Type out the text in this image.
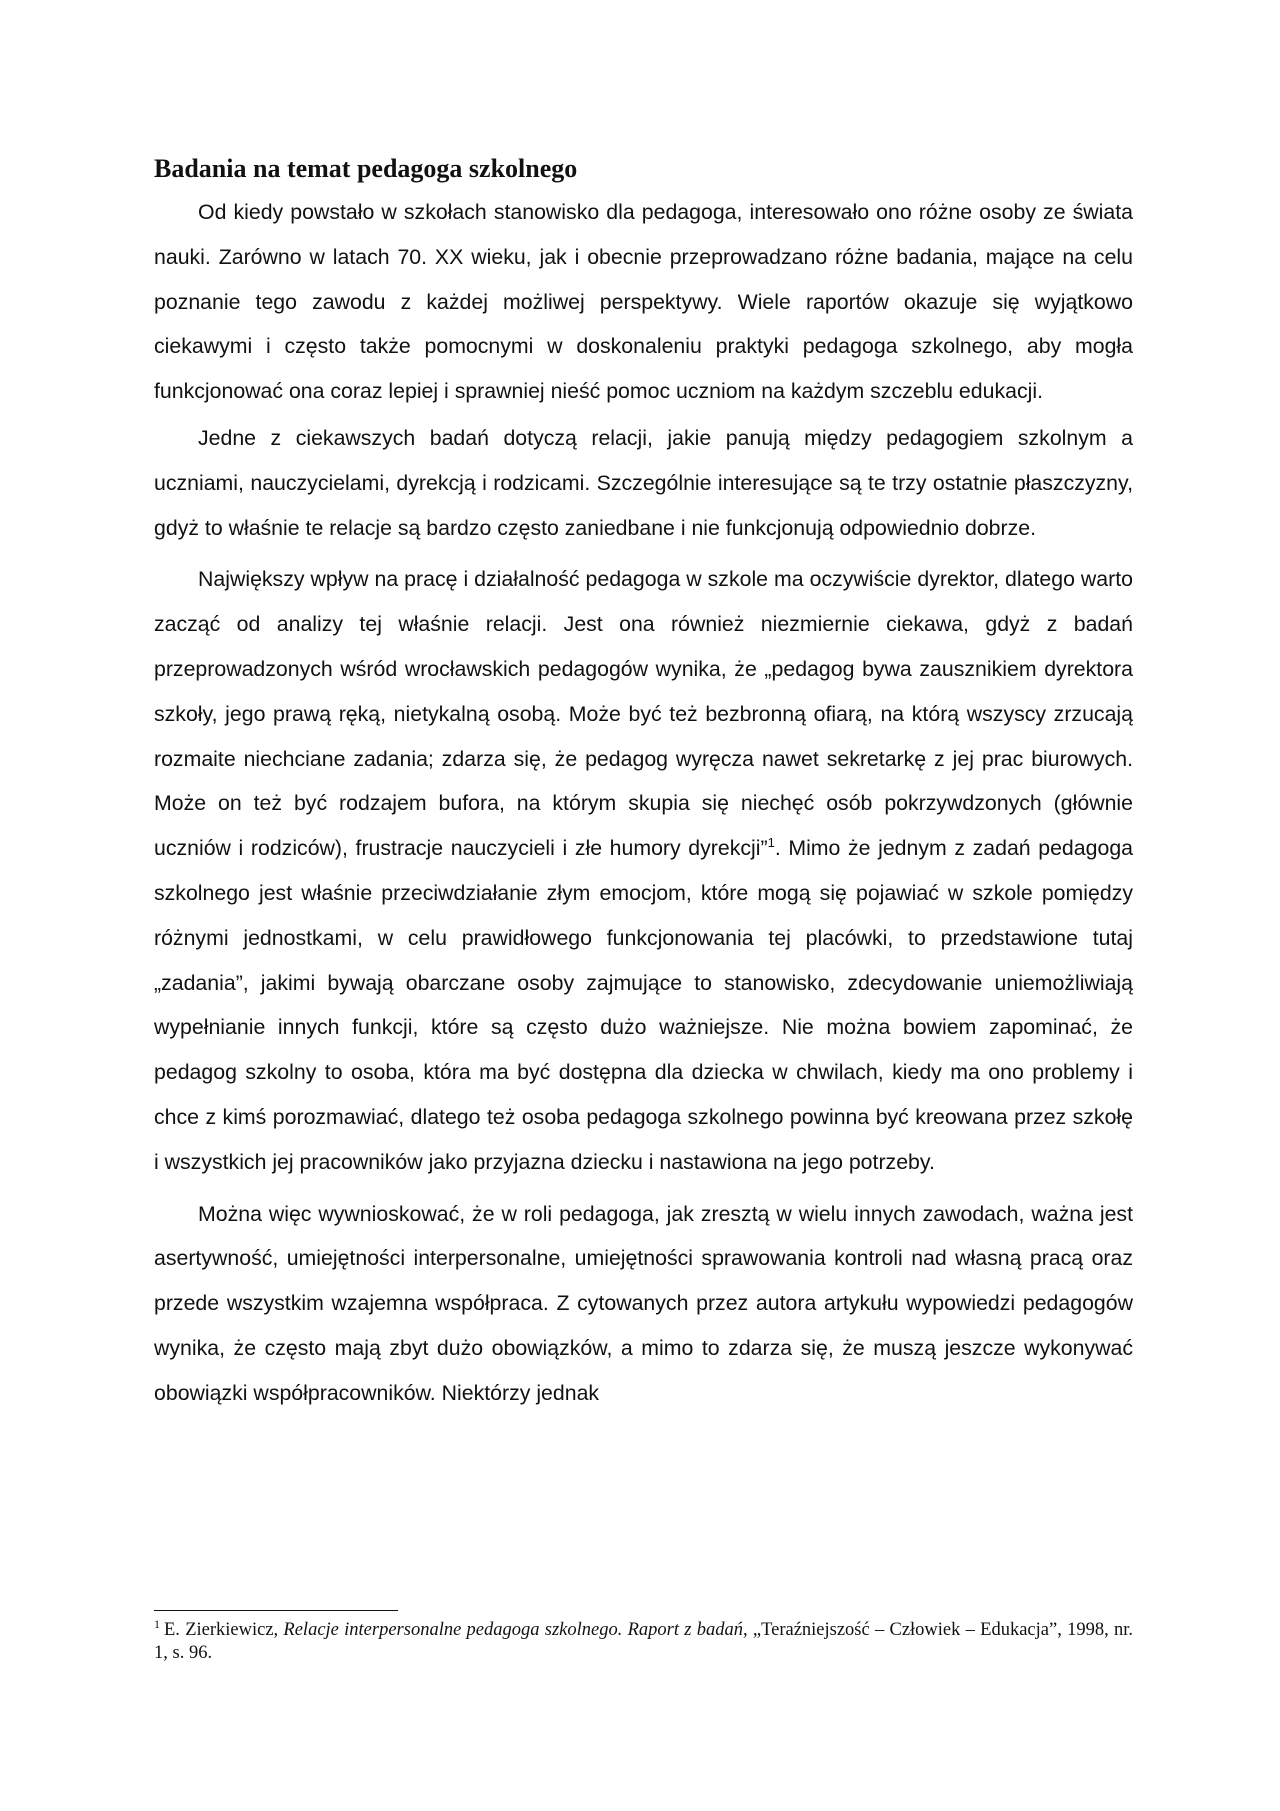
Badania na temat pedagoga szkolnego

Od kiedy powstało w szkołach stanowisko dla pedagoga, interesowało ono różne osoby ze świata nauki. Zarówno w latach 70. XX wieku, jak i obecnie przeprowadzano różne badania, mające na celu poznanie tego zawodu z każdej możliwej perspektywy. Wiele raportów okazuje się wyjątkowo ciekawymi i często także pomocnymi w doskonaleniu praktyki pedagoga szkolnego, aby mogła funkcjonować ona coraz lepiej i sprawniej nieść pomoc uczniom na każdym szczeblu edukacji.

Jedne z ciekawszych badań dotyczą relacji, jakie panują między pedagogiem szkolnym a uczniami, nauczycielami, dyrekcją i rodzicami. Szczególnie interesujące są te trzy ostatnie płaszczyzny, gdyż to właśnie te relacje są bardzo często zaniedbane i nie funkcjonują odpowiednio dobrze.

Największy wpływ na pracę i działalność pedagoga w szkole ma oczywiście dyrektor, dlatego warto zacząć od analizy tej właśnie relacji. Jest ona również niezmiernie ciekawa, gdyż z badań przeprowadzonych wśród wrocławskich pedagogów wynika, że „pedagog bywa zausznikiem dyrektora szkoły, jego prawą ręką, nietykalną osobą. Może być też bezbronną ofiarą, na którą wszyscy zrzucają rozmaite niechciane zadania; zdarza się, że pedagog wyręcza nawet sekretarkę z jej prac biurowych. Może on też być rodzajem bufora, na którym skupia się niechęć osób pokrzywdzonych (głównie uczniów i rodziców), frustracje nauczycieli i złe humory dyrekcji”$^1$. Mimo że jednym z zadań pedagoga szkolnego jest właśnie przeciwdziałanie złym emocjom, które mogą się pojawiać w szkole pomiędzy różnymi jednostkami, w celu prawidłowego funkcjonowania tej placówki, to przedstawione tutaj „zadania”, jakimi bywają obarczane osoby zajmujące to stanowisko, zdecydowanie uniemożliwiają wypełnianie innych funkcji, które są często dużo ważniejsze. Nie można bowiem zapominać, że pedagog szkolny to osoba, która ma być dostępna dla dziecka w chwilach, kiedy ma ono problemy i chce z kimś porozmawiać, dlatego też osoba pedagoga szkolnego powinna być kreowana przez szkołę i wszystkich jej pracowników jako przyjazna dziecku i nastawiona na jego potrzeby.

Można więc wywnioskować, że w roli pedagoga, jak zresztą w wielu innych zawodach, ważna jest asertywność, umiejętności interpersonalne, umiejętności sprawowania kontroli nad własną pracą oraz przede wszystkim wzajemna współpraca. Z cytowanych przez autora artykułu wypowiedzi pedagogów wynika, że często mają zbyt dużo obowiązków, a mimo to zdarza się, że muszą jeszcze wykonywać obowiązki współpracowników. Niektórzy jednak

$^1$ E. Zierkiewicz, Relacje interpersonalne pedagoga szkolnego. Raport z badań, „Teraźniejszość – Człowiek – Edukacja”, 1998, nr. 1, s. 96.
